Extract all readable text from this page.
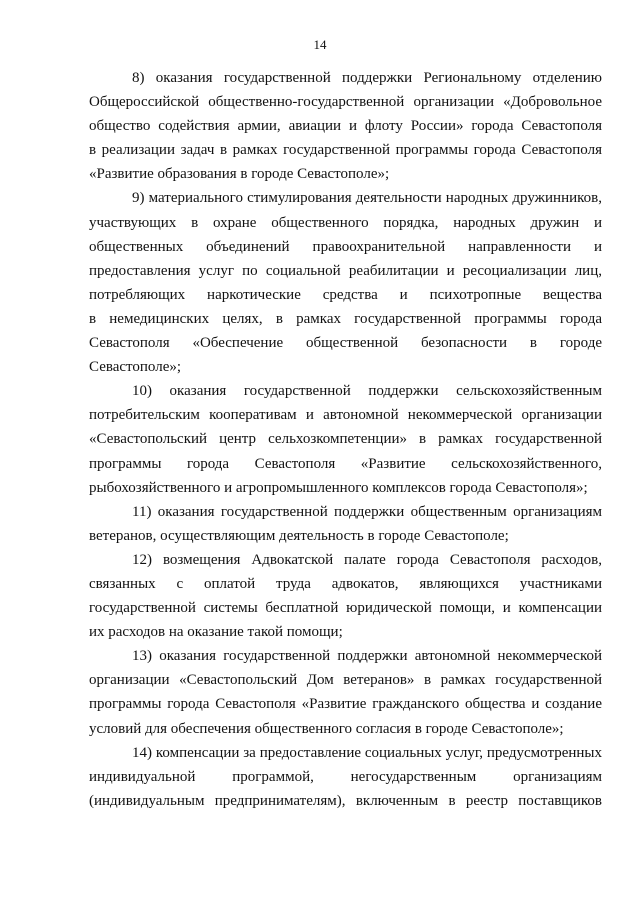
14

8) оказания государственной поддержки Региональному отделению
Общероссийской общественно-государственной организации «Добровольное
общество содействия армии, авиации и флоту России» города Севастополя
в реализации задач в рамках государственной программы города Севастополя
«Развитие образования в городе Севастополе»;

9) материального стимулирования деятельности народных дружинников,
участвующих в охране общественного порядка, народных дружин и
общественных объединений правоохранительной направленности и
предоставления услуг по социальной реабилитации и ресоциализации лиц,
потребляющих наркотические средства и психотропные вещества
в немедицинских целях, в рамках государственной программы города
Севастополя «Обеспечение общественной безопасности в городе
Севастополе»;

10) оказания государственной поддержки сельскохозяйственным
потребительским кооперативам и автономной некоммерческой организации
«Севастопольский центр сельхозкомпетенции» в рамках государственной
программы города Севастополя «Развитие сельскохозяйственного,
рыбохозяйственного и агропромышленного комплексов города Севастополя»;

11) оказания государственной поддержки общественным организациям
ветеранов, осуществляющим деятельность в городе Севастополе;

12) возмещения Адвокатской палате города Севастополя расходов,
связанных с оплатой труда адвокатов, являющихся участниками
государственной системы бесплатной юридической помощи, и компенсации
их расходов на оказание такой помощи;

13) оказания государственной поддержки автономной некоммерческой
организации «Севастопольский Дом ветеранов» в рамках государственной
программы города Севастополя «Развитие гражданского общества и создание
условий для обеспечения общественного согласия в городе Севастополе»;

14) компенсации за предоставление социальных услуг, предусмотренных
индивидуальной программой, негосударственным организациям
(индивидуальным предпринимателям), включенным в реестр поставщиков
